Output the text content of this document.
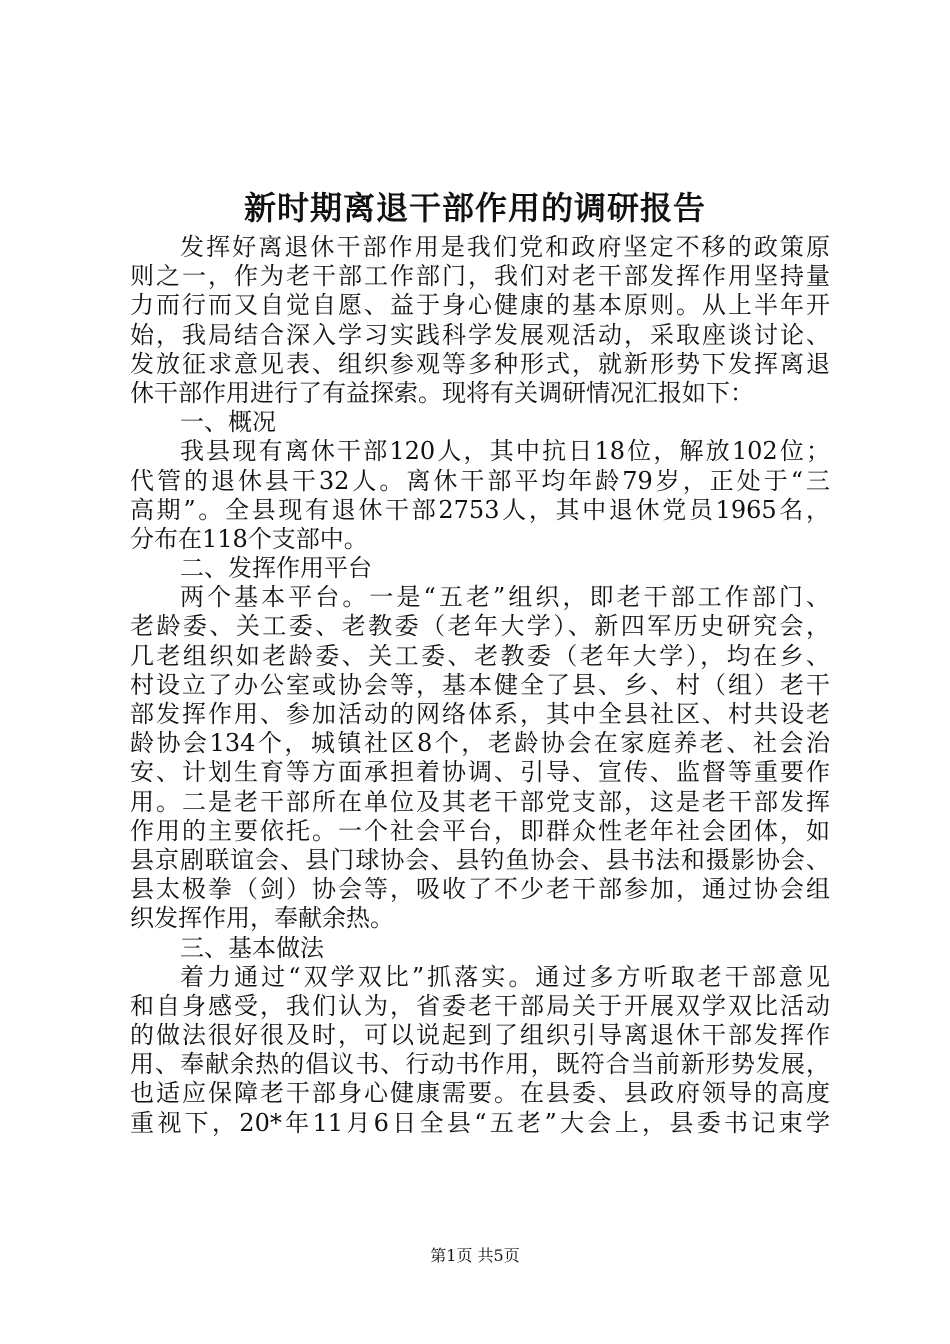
新时期离退干部作用的调研报告
发挥好离退休干部作用是我们党和政府坚定不移的政策原
则之一，作为老干部工作部门，我们对老干部发挥作用坚持量
力而行而又自觉自愿、益于身心健康的基本原则。从上半年开
始，我局结合深入学习实践科学发展观活动，采取座谈讨论、
发放征求意见表、组织参观等多种形式，就新形势下发挥离退
休干部作用进行了有益探索。现将有关调研情况汇报如下：
一、概况
我县现有离休干部120人，其中抗日18位，解放102位；
代管的退休县干32人。离休干部平均年龄79岁，正处于“三
高期”。全县现有退休干部2753人，其中退休党员1965名，
分布在118个支部中。
二、发挥作用平台
两个基本平台。一是“五老”组织，即老干部工作部门、
老龄委、关工委、老教委（老年大学）、新四军历史研究会，
几老组织如老龄委、关工委、老教委（老年大学），均在乡、
村设立了办公室或协会等，基本健全了县、乡、村（组）老干
部发挥作用、参加活动的网络体系，其中全县社区、村共设老
龄协会134个，城镇社区8个，老龄协会在家庭养老、社会治
安、计划生育等方面承担着协调、引导、宣传、监督等重要作
用。二是老干部所在单位及其老干部党支部，这是老干部发挥
作用的主要依托。一个社会平台，即群众性老年社会团体，如
县京剧联谊会、县门球协会、县钓鱼协会、县书法和摄影协会、
县太极拳（剑）协会等，吸收了不少老干部参加，通过协会组
织发挥作用，奉献余热。
三、基本做法
着力通过“双学双比”抓落实。通过多方听取老干部意见
和自身感受，我们认为，省委老干部局关于开展双学双比活动
的做法很好很及时，可以说起到了组织引导离退休干部发挥作
用、奉献余热的倡议书、行动书作用，既符合当前新形势发展，
也适应保障老干部身心健康需要。在县委、县政府领导的高度
重视下，20*年11月6日全县“五老”大会上，县委书记束学
第1页 共5页
